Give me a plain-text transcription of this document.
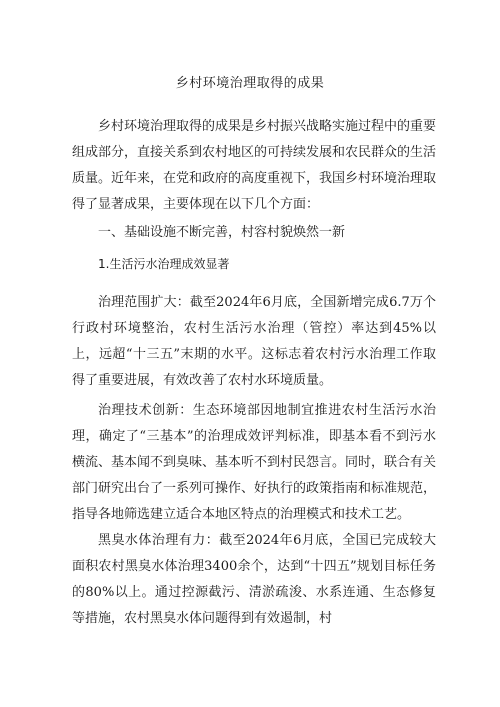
乡村环境治理取得的成果

乡村环境治理取得的成果是乡村振兴战略实施过程中的重要组成部分，直接关系到农村地区的可持续发展和农民群众的生活质量。近年来，在党和政府的高度重视下，我国乡村环境治理取得了显著成果，主要体现在以下几个方面：

一、基础设施不断完善，村容村貌焕然一新

1.生活污水治理成效显著

治理范围扩大：截至2024年6月底，全国新增完成6.7万个行政村环境整治，农村生活污水治理（管控）率达到45%以上，远超“十三五”末期的水平。这标志着农村污水治理工作取得了重要进展，有效改善了农村水环境质量。

治理技术创新：生态环境部因地制宜推进农村生活污水治理，确定了“三基本”的治理成效评判标准，即基本看不到污水横流、基本闻不到臭味、基本听不到村民怨言。同时，联合有关部门研究出台了一系列可操作、好执行的政策指南和标准规范，指导各地筛选建立适合本地区特点的治理模式和技术工艺。

黑臭水体治理有力：截至2024年6月底，全国已完成较大面积农村黑臭水体治理3400余个，达到“十四五”规划目标任务的80%以上。通过控源截污、清淤疏浚、水系连通、生态修复等措施，农村黑臭水体问题得到有效遏制，村
